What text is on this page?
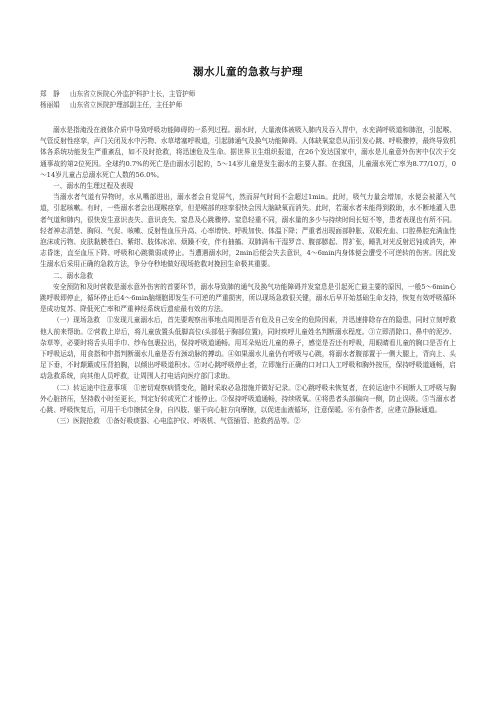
溺水儿童的急救与护理
郑　静 山东省立医院心外监护科护士长，主管护师
杨丽娟 山东省立医院护理部副主任，主任护师

溺水是指淹没在液体介质中导致呼吸功能障碍的一系列过程。溺水时，大量液体被吸入肺内及吞入胃中，水充满呼吸道和肺泡，引起喉、气管反射性痉挛，声门关闭及水中污物、水草堵塞呼吸道，引起肺通气及换气功能障碍。人体缺氧窒息从而引发心跳、呼吸骤停，最终导致机体各系统功能发生严重紊乱，如不及时抢救，将迅速危及生命。据世界卫生组织报道，在26个发达国家中，溺水是儿童意外伤害中仅次于交通事故的第2位死因。全球约0.7%的死亡是由溺水引起的，5～14岁儿童是发生溺水的主要人群。在我国，儿童溺水死亡率为8.77/10万，0～14岁儿童占总溺水死亡人数的56.0%。

一、溺水的生理过程及表现

当溺水者气道有异物时，水从嘴部进出，溺水者会自觉屏气，然而屏气时间不会超过1min。此时，吸气力量会增加，水便会被灌入气道，引起咳嗽。有时，一些溺水者会出现喉痉挛，但是喉部的痉挛很快会因大脑缺氧而消失。此时，若溺水者未能得到救助，水不断地灌入患者气道和肺内，很快发生意识丧失、意识丧失、窒息及心跳骤停。窒息轻重不同，溺水量的多少与持续时间长短不等，患者表现也有所不同。轻者神志清楚、胸闷、气促、咳嗽、反射性血压升高、心率增快、呼吸加快、体温下降；严重者出现面部肿胀、双眼充血、口腔鼻腔充满血性泡沫或污物、皮肤黏膜苍白、紫绀、肢体冰凉、烦躁不安，伴有抽搐、双肺满布干湿罗音、腹部膨起、胃扩张，睡乳对光反射迟钝或消失，神志昏迷，直至血压下降、呼吸和心跳微弱或停止。当遭遇溺水时，2min后便会失去意识，4～6min内身体便会遭受不可逆转的伤害。因此发生溺水后采用正确的急救方法，争分夺秒地做好现场抢救对挽回生命极其重要。

二、溺水急救

安全预防和及时营救是溺水意外伤害的首要环节，溺水导致肺的通气及换气功能障碍并发窒息是引起死亡最主要的原因，一般5～6min心跳呼吸即停止，循环停止后4～6min脑细胞即发生不可逆的严重损害，所以现场急救很关键，溺水后早开始基础生命支持，恢复有效呼吸循环是成功复苏、降低死亡率和严重神经系统后遗症最有效的方法。

（一）现场急救　①发现儿童溺水后，首先要观察出事地点周围是否有危及自己安全的危险因素，并迅速排除存在的隐患，同时立刻呼救他人前来帮助。②营救上岸后，将儿童放置头低脚高位(头部低于胸部位置)，同时疾呼儿童姓名判断溺水程度。③立即清除口、鼻中的泥沙、杂草等，必要时将舌头用手巾、纱布包裹拉出，保持呼吸道通畅。用耳朵贴近儿童的鼻子，感觉是否还有呼吸，用眼睛看儿童的胸口是否有上下呼吸运动，用食指和中指判断溺水儿童是否有颈动脉的搏动。④如果溺水儿童仍有呼吸与心跳，将溺水者腹部置于一侧大腿上，背向上、头足下垂，不时颠簸或压背拍胸，以倾出呼吸道积水。⑤对心跳呼吸停止者，立即施行正确的口对口人工呼吸和胸外按压，保持呼吸道通畅，启动急救系统，向其他人员呼救，让周围人打电话向医疗部门求助。

（二）转运途中注意事项　①密切观察病情变化，随时采取必急措施并做好记录。②心跳呼吸未恢复者，在转运途中不间断人工呼吸与胸外心脏挤压，坚持救小时至更长，判定好转或死亡才能停止。③保持呼吸道通畅，持续吸氧。④将患者头部偏向一侧，防止误吸。⑤当溺水者心跳、呼吸恢复后，可用干毛巾擦拭全身，自四肢、躯干向心脏方向摩擦，以促进血液循环，注意保暖。⑥有条件者，应建立静脉通道。

（三）医院抢救　①备好吸痰器、心电监护仪、呼吸机、气管插管、抢救药品等。②
